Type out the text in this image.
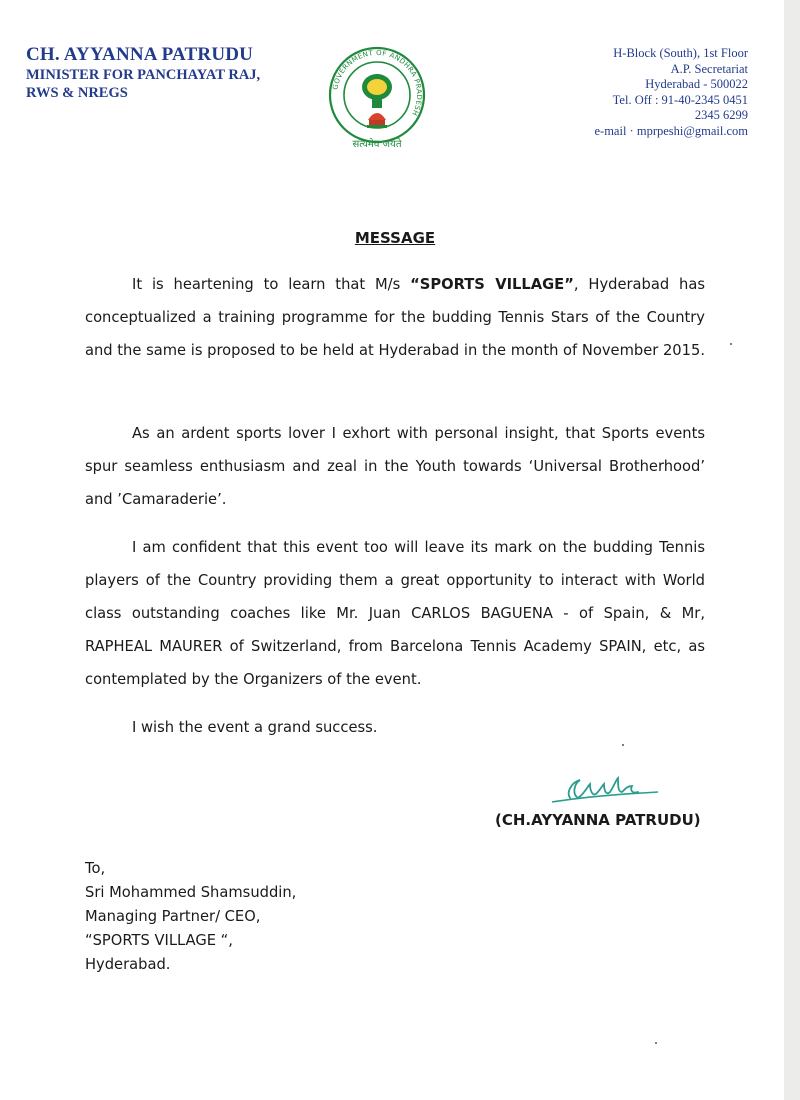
CH. AYYANNA PATRUDU
MINISTER FOR PANCHAYAT RAJ,
RWS & NREGS	GOVERNMENT OF ANDHRA PRADESH
सत्यमेव जयते
H-Block (South), 1st Floor
A.P. Secretariat
Hyderabad - 500022
Tel. Off : 91-40-2345 0451
2345 6299
e-mail · mprpeshi@gmail.com
MESSAGE
It is heartening to learn that M/s “SPORTS VILLAGE”, Hyderabad has conceptualized a training programme for the budding Tennis Stars of the Country and the same is proposed to be held at Hyderabad in the month of November 2015.
As an ardent sports lover I exhort with personal insight, that Sports events spur seamless enthusiasm and zeal in the Youth towards ‘Universal Brotherhood’ and ’Camaraderie’.
I am confident that this event too will leave its mark on the budding Tennis players of the Country providing them a great opportunity to interact with World class outstanding coaches like Mr. Juan CARLOS BAGUENA - of Spain, & Mr, RAPHEAL MAURER of Switzerland, from Barcelona Tennis Academy SPAIN, etc, as contemplated by the Organizers of the event.
I wish the event a grand success.
(CH.AYYANNA PATRUDU)
To,
Sri Mohammed Shamsuddin,
Managing Partner/ CEO,
“SPORTS VILLAGE “,
Hyderabad.
